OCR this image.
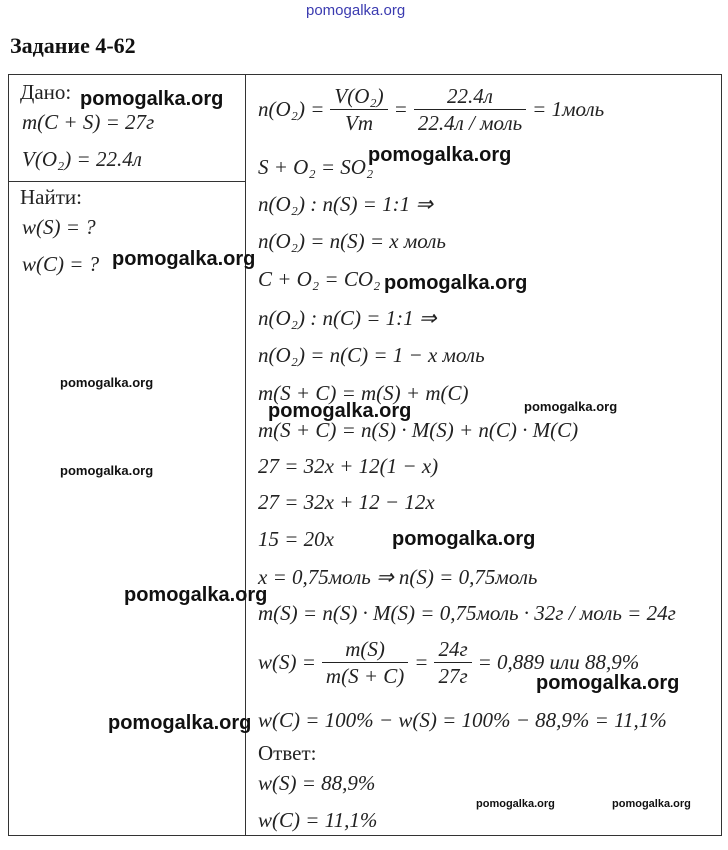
pomogalka.org
Задание 4-62
Дано:
m(C + S) = 27г
V(O₂) = 22.4л
Найти:
w(S) = ?
w(C) = ?
$n(O_2) = \frac{\text{V(O₂)}}{Vm} = \frac{22.4л}{\text{22.4л / моль}}$ = 1моль
S + O₂ = SO₂
n(O₂) : n(S) = 1:1 ⇒
n(O₂) = n(S) = x моль
C + O₂ = CO₂
n(O₂) : n(C) = 1:1 ⇒
n(O₂) = n(C) = 1 − x моль
m(S + C) = m(S) + m(C)
m(S + C) = n(S) · M(S) + n(C) · M(C)
27 = 32x + 12(1 − x)
27 = 32x + 12 − 12x
15 = 20x
x = 0,75моль ⇒ n(S) = 0,75моль
m(S) = n(S) · M(S) = 0,75моль · 32г / моль = 24г
$w(S) = \frac{m(S)}{m(S + C)} = \frac{24г}{27г} = 0,889$ или 88,9%
w(C) = 100% − w(S) = 100% − 88,9% = 11,1%
Ответ:
w(S) = 88,9%
w(C) = 11,1%
pomogalka.org
pomogalka.org
pomogalka.org
pomogalka.org
pomogalka.org
pomogalka.org	pomogalka.org
pomogalka.org
pomogalka.org
pomogalka.org
pomogalka.org
pomogalka.org
pomogalka.org	pomogalka.org
